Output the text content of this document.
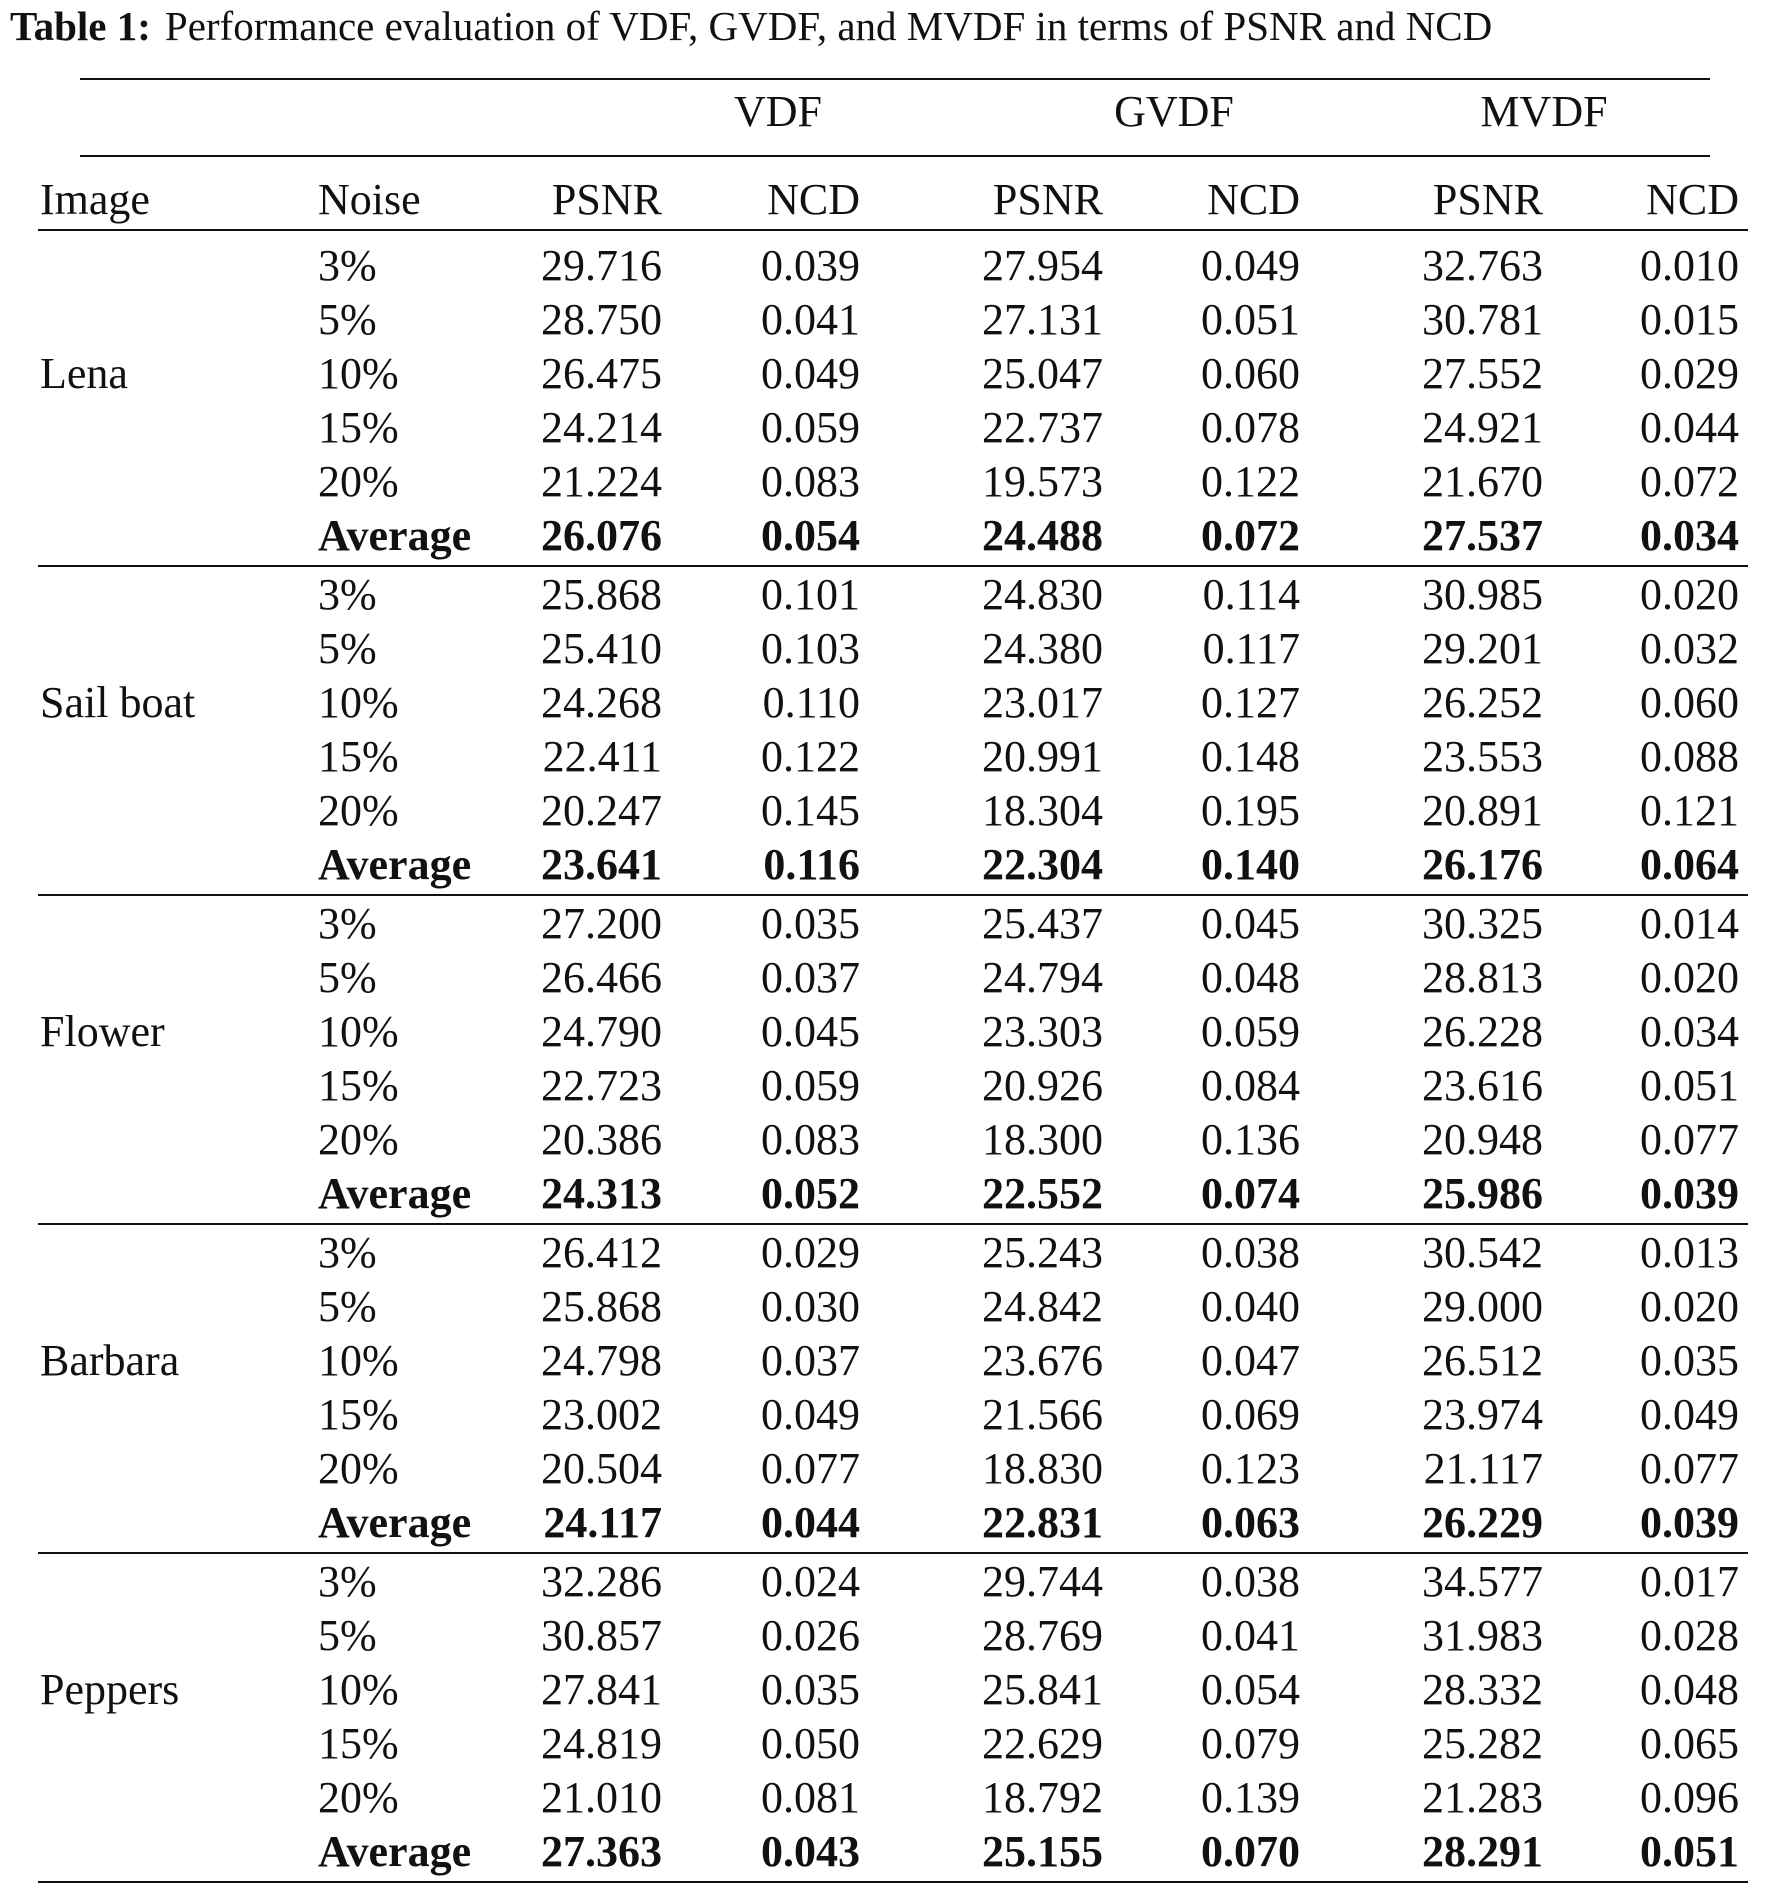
Table 1: Performance evaluation of VDF, GVDF, and MVDF in terms of PSNR and NCD
VDF	GVDF	MVDF
Image	Noise	PSNR	NCD	PSNR	NCD	PSNR	NCD
Lena
3%	29.716	0.039	27.954	0.049	32.763	0.010
5%	28.750	0.041	27.131	0.051	30.781	0.015
10%	26.475	0.049	25.047	0.060	27.552	0.029
15%	24.214	0.059	22.737	0.078	24.921	0.044
20%	21.224	0.083	19.573	0.122	21.670	0.072
Average	26.076	0.054	24.488	0.072	27.537	0.034
Sail boat
3%	25.868	0.101	24.830	0.114	30.985	0.020
5%	25.410	0.103	24.380	0.117	29.201	0.032
10%	24.268	0.110	23.017	0.127	26.252	0.060
15%	22.411	0.122	20.991	0.148	23.553	0.088
20%	20.247	0.145	18.304	0.195	20.891	0.121
Average	23.641	0.116	22.304	0.140	26.176	0.064
Flower
3%	27.200	0.035	25.437	0.045	30.325	0.014
5%	26.466	0.037	24.794	0.048	28.813	0.020
10%	24.790	0.045	23.303	0.059	26.228	0.034
15%	22.723	0.059	20.926	0.084	23.616	0.051
20%	20.386	0.083	18.300	0.136	20.948	0.077
Average	24.313	0.052	22.552	0.074	25.986	0.039
Barbara
3%	26.412	0.029	25.243	0.038	30.542	0.013
5%	25.868	0.030	24.842	0.040	29.000	0.020
10%	24.798	0.037	23.676	0.047	26.512	0.035
15%	23.002	0.049	21.566	0.069	23.974	0.049
20%	20.504	0.077	18.830	0.123	21.117	0.077
Average	24.117	0.044	22.831	0.063	26.229	0.039
Peppers
3%	32.286	0.024	29.744	0.038	34.577	0.017
5%	30.857	0.026	28.769	0.041	31.983	0.028
10%	27.841	0.035	25.841	0.054	28.332	0.048
15%	24.819	0.050	22.629	0.079	25.282	0.065
20%	21.010	0.081	18.792	0.139	21.283	0.096
Average	27.363	0.043	25.155	0.070	28.291	0.051
